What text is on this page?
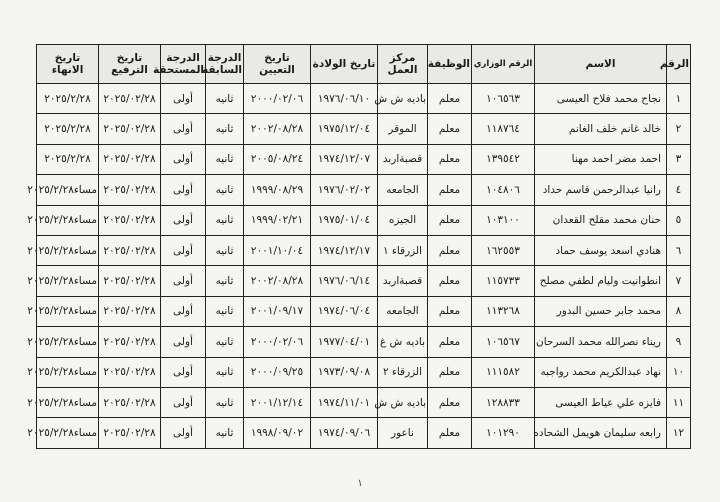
الرقم	الاسم	الرقم الوزاري	الوظيفة	مركز العمل	تاريخ الولادة	تاريخ التعيين	الدرجة السابقة	الدرجة المستحقة	تاريخ الترفيع	تاريخ الانهاء
١	نجاح محمد فلاح العيسى	١٠٦٥٦٣	معلم	باديه ش ش	١٩٧٦/٠٦/١٠	٢٠٠٠/٠٢/٠٦	ثانيه	أولى	٢٠٢٥/٠٢/٢٨	٢٠٢٥/٢/٢٨
٢	خالد غانم خلف الغانم	١١٨٧٦٤	معلم	الموقر	١٩٧٥/١٢/٠٤	٢٠٠٢/٠٨/٢٨	ثانيه	أولى	٢٠٢٥/٠٢/٢٨	٢٠٢٥/٢/٢٨
٣	احمد مضر احمد مهنا	١٣٩٥٤٢	معلم	قصبةاربد	١٩٧٤/١٢/٠٧	٢٠٠٥/٠٨/٢٤	ثانيه	أولى	٢٠٢٥/٠٢/٢٨	٢٠٢٥/٢/٢٨
٤	رانيا عبدالرحمن قاسم حداد	١٠٤٨٠٦	معلم	الجامعه	١٩٧٦/٠٢/٠٢	١٩٩٩/٠٨/٢٩	ثانيه	أولى	٢٠٢٥/٠٢/٢٨	مساء٢٠٢٥/٢/٢٨
٥	حنان محمد مقلح القعدان	١٠٣١٠٠	معلم	الجيزه	١٩٧٥/٠١/٠٤	١٩٩٩/٠٢/٢١	ثانيه	أولى	٢٠٢٥/٠٢/٢٨	مساء٢٠٢٥/٢/٢٨
٦	هنادي اسعد يوسف حماد	١٦٢٥٥٣	معلم	الزرقاء ١	١٩٧٤/١٢/١٧	٢٠٠١/١٠/٠٤	ثانيه	أولى	٢٠٢٥/٠٢/٢٨	مساء٢٠٢٥/٢/٢٨
٧	انطوانيت وليام لطفي مصلح	١١٥٧٣٣	معلم	قصبةاربد	١٩٧٦/٠٦/١٤	٢٠٠٢/٠٨/٢٨	ثانيه	أولى	٢٠٢٥/٠٢/٢٨	مساء٢٠٢٥/٢/٢٨
٨	محمد جابر حسين البدور	١١٣٢٦٨	معلم	الجامعه	١٩٧٤/٠٦/٠٤	٢٠٠١/٠٩/١٧	ثانيه	أولى	٢٠٢٥/٠٢/٢٨	مساء٢٠٢٥/٢/٢٨
٩	ريناء نصرالله محمد السرحان	١٠٦٥٦٧	معلم	باديه ش غ	١٩٧٧/٠٤/٠١	٢٠٠٠/٠٢/٠٦	ثانيه	أولى	٢٠٢٥/٠٢/٢٨	مساء٢٠٢٥/٢/٢٨
١٠	نهاد عبدالكريم محمد رواجبه	١١١٥٨٢	معلم	الزرقاء ٢	١٩٧٣/٠٩/٠٨	٢٠٠٠/٠٩/٢٥	ثانيه	أولى	٢٠٢٥/٠٢/٢٨	مساء٢٠٢٥/٢/٢٨
١١	فايزه علي عياط العيسى	١٢٨٨٣٣	معلم	باديه ش ش	١٩٧٤/١١/٠١	٢٠٠١/١٢/١٤	ثانيه	أولى	٢٠٢٥/٠٢/٢٨	مساء٢٠٢٥/٢/٢٨
١٢	رابعه سليمان هويمل الشحاده	١٠١٢٩٠	معلم	ناعور	١٩٧٤/٠٩/٠٦	١٩٩٨/٠٩/٠٢	ثانيه	أولى	٢٠٢٥/٠٢/٢٨	مساء٢٠٢٥/٢/٢٨
١
